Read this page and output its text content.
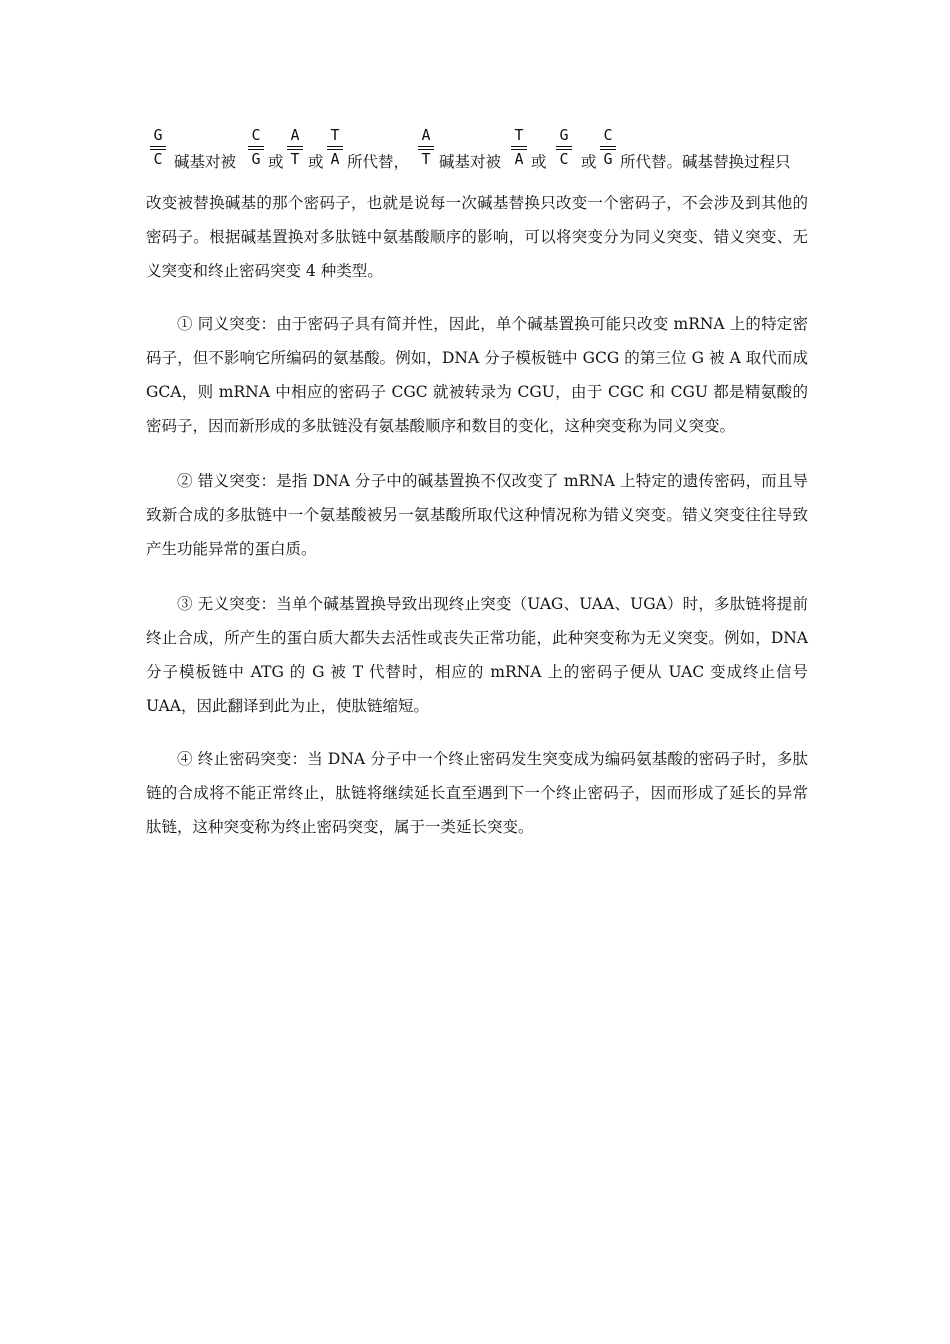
G
C 碱基对被
C
G 或
A
T 或
T
A 所代替，
A
T 碱基对被
T
A 或
G
C 或
C
G 所代替。碱基替换过程只

改变被替换碱基的那个密码子，也就是说每一次碱基替换只改变一个密码子，不会涉及到其他的密码子。根据碱基置换对多肽链中氨基酸顺序的影响，可以将突变分为同义突变、错义突变、无义突变和终止密码突变 4 种类型。

① 同义突变：由于密码子具有简并性，因此，单个碱基置换可能只改变 mRNA 上的特定密码子，但不影响它所编码的氨基酸。例如，DNA 分子模板链中 GCG 的第三位 G 被 A 取代而成 GCA，则 mRNA 中相应的密码子 CGC 就被转录为 CGU，由于 CGC 和 CGU 都是精氨酸的密码子，因而新形成的多肽链没有氨基酸顺序和数目的变化，这种突变称为同义突变。

② 错义突变：是指 DNA 分子中的碱基置换不仅改变了 mRNA 上特定的遗传密码，而且导致新合成的多肽链中一个氨基酸被另一氨基酸所取代这种情况称为错义突变。错义突变往往导致产生功能异常的蛋白质。

③ 无义突变：当单个碱基置换导致出现终止突变（UAG、UAA、UGA）时，多肽链将提前终止合成，所产生的蛋白质大都失去活性或丧失正常功能，此种突变称为无义突变。例如，DNA 分子模板链中 ATG 的 G 被 T 代替时，相应的 mRNA 上的密码子便从 UAC 变成终止信号 UAA，因此翻译到此为止，使肽链缩短。

④ 终止密码突变：当 DNA 分子中一个终止密码发生突变成为编码氨基酸的密码子时，多肽链的合成将不能正常终止，肽链将继续延长直至遇到下一个终止密码子，因而形成了延长的异常肽链，这种突变称为终止密码突变，属于一类延长突变。
